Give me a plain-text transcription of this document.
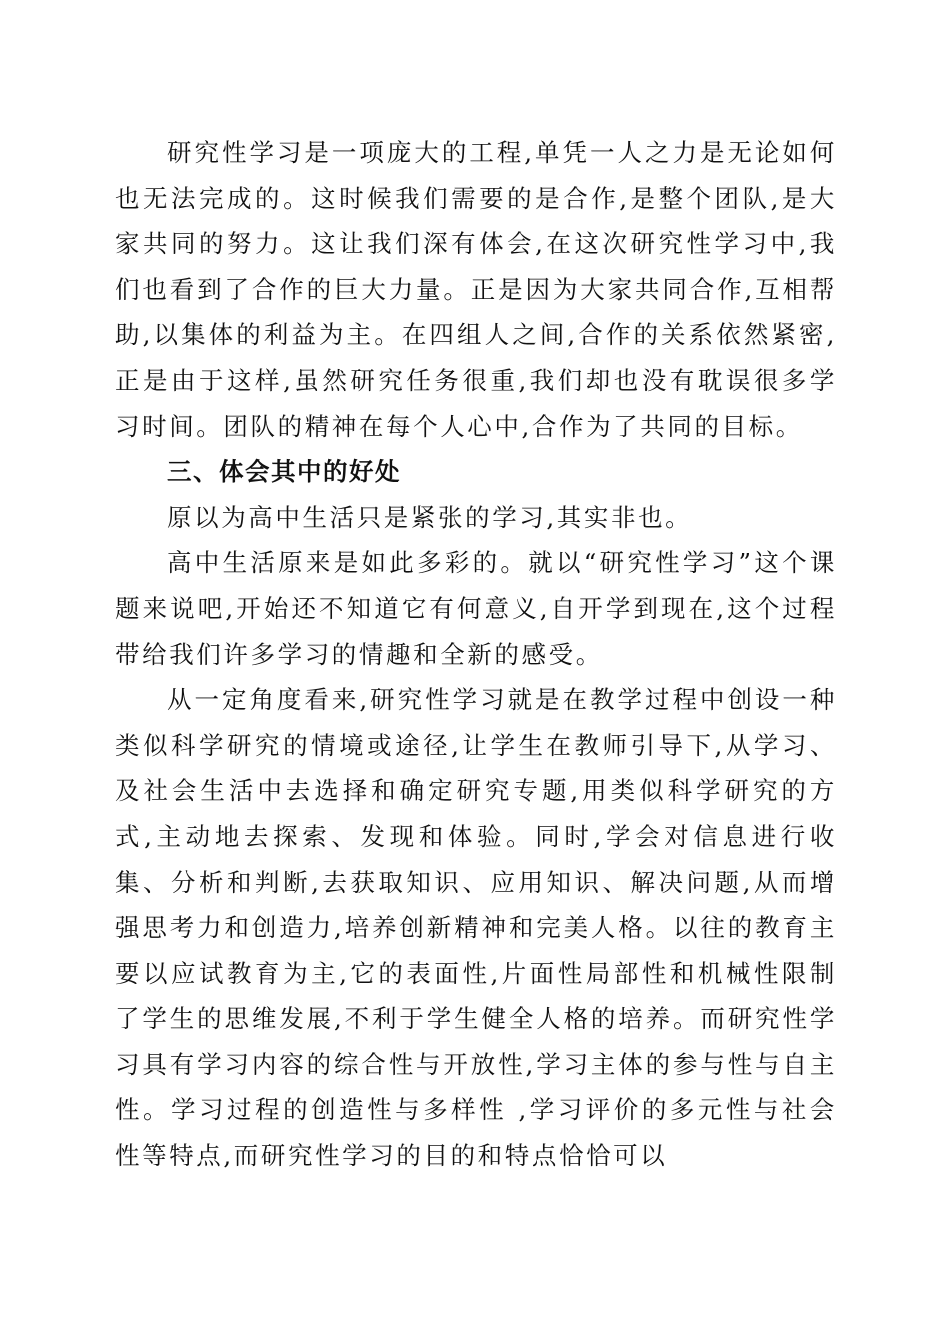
研究性学习是一项庞大的工程,单凭一人之力是无论如何也无法完成的。这时候我们需要的是合作,是整个团队,是大家共同的努力。这让我们深有体会,在这次研究性学习中,我们也看到了合作的巨大力量。正是因为大家共同合作,互相帮助,以集体的利益为主。在四组人之间,合作的关系依然紧密,正是由于这样,虽然研究任务很重,我们却也没有耽误很多学习时间。团队的精神在每个人心中,合作为了共同的目标。

三、体会其中的好处

原以为高中生活只是紧张的学习,其实非也。

高中生活原来是如此多彩的。就以“研究性学习”这个课题来说吧,开始还不知道它有何意义,自开学到现在,这个过程带给我们许多学习的情趣和全新的感受。

从一定角度看来,研究性学习就是在教学过程中创设一种类似科学研究的情境或途径,让学生在教师引导下,从学习、及社会生活中去选择和确定研究专题,用类似科学研究的方式,主动地去探索、发现和体验。同时,学会对信息进行收集、分析和判断,去获取知识、应用知识、解决问题,从而增强思考力和创造力,培养创新精神和完美人格。以往的教育主要以应试教育为主,它的表面性,片面性局部性和机械性限制了学生的思维发展,不利于学生健全人格的培养。而研究性学习具有学习内容的综合性与开放性,学习主体的参与性与自主性。学习过程的创造性与多样性 ,学习评价的多元性与社会性等特点,而研究性学习的目的和特点恰恰可以
